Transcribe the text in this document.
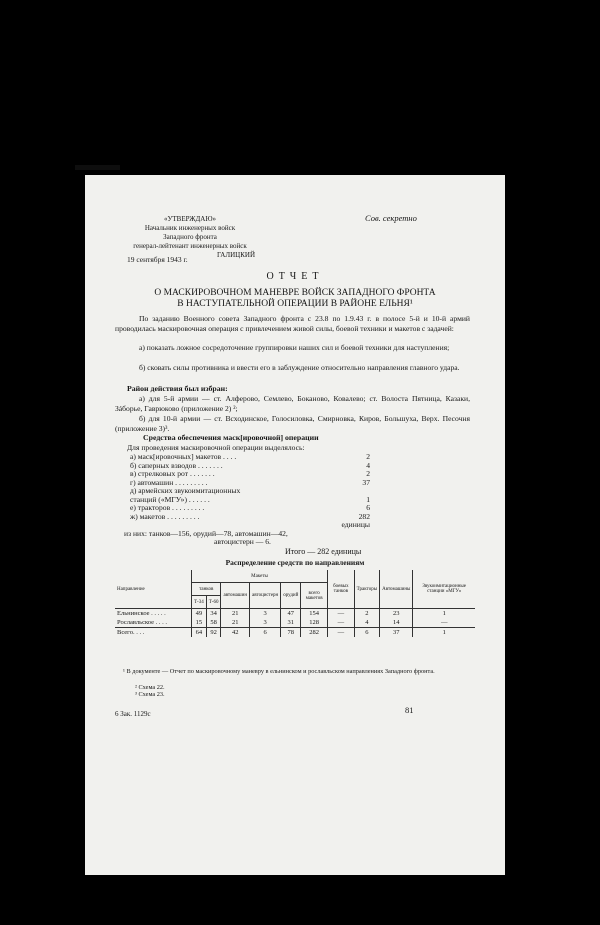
«УТВЕРЖДАЮ»
Начальник инженерных войск
Западного фронта
генерал-лейтенант инженерных войск
ГАЛИЦКИЙ
Сов. секретно
19 сентября 1943 г.
ОТЧЕТ
О МАСКИРОВОЧНОМ МАНЕВРЕ ВОЙСК ЗАПАДНОГО ФРОНТА
В НАСТУПАТЕЛЬНОЙ ОПЕРАЦИИ В РАЙОНЕ ЕЛЬНЯ¹
По заданию Военного совета Западного фронта с 23.8 по 1.9.43 г. в полосе 5-й и 10-й армий проводилась маскировочная операция с привлечением живой силы, боевой техники и макетов с задачей:
а) показать ложное сосредоточение группировки наших сил и боевой техники для наступления;
б) сковать силы противника и ввести его в заблуждение относительно направления главного удара.
Район действия был избран:
а) для 5-й армии — ст. Алферово, Семлево, Боканово, Ковалево; ст. Волоста Пятница, Казаки, Зáборье, Гаврюково (приложение 2) ²;
б) для 10-й армии — ст. Всходинское, Голосиловка, Смирновка, Киров, Большуха, Верх. Песочня (приложение 3)³.
Средства обеспечения маск[ировочной] операции
Для проведения маскировочной операции выделялось:
а) маск[ировочных] макетов . . . .	2
б) саперных взводов . . . . . . .	4
в) стрелковых рот . . . . . . .	2
г) автомашин . . . . . . . . .	37
д) армейских звукоимитационных
станций («МГУ») . . . . . .	1
е) тракторов . . . . . . . . .	6
ж) макетов . . . . . . . . .	282 единицы
из них: танков—156, орудий—78, автомашин—42,
автоцистерн — 6.
Итого — 282 единицы
Распределение средств по направлениям
Направление	Макеты						боевых танков	Тракторы	Автомашины	Звукоимитационные станции «МГУ»
	танков		автомашин	автоцистерн	орудий	всего макетов				
	Т-34	Т-60								
Ельнинское . . . . .	49	34	21	3	47	154	—	2	23	1
Рославльское . . . .	15	58	21	3	31	128	—	4	14	—
Всего. . . .	64	92	42	6	78	282	—	6	37	1
¹ В документе — Отчет по маскировочному маневру в ельнинском и рославльском направлениях Западного фронта.
² Схема 22.
³ Схема 23.
6 Зак. 1129с	81
